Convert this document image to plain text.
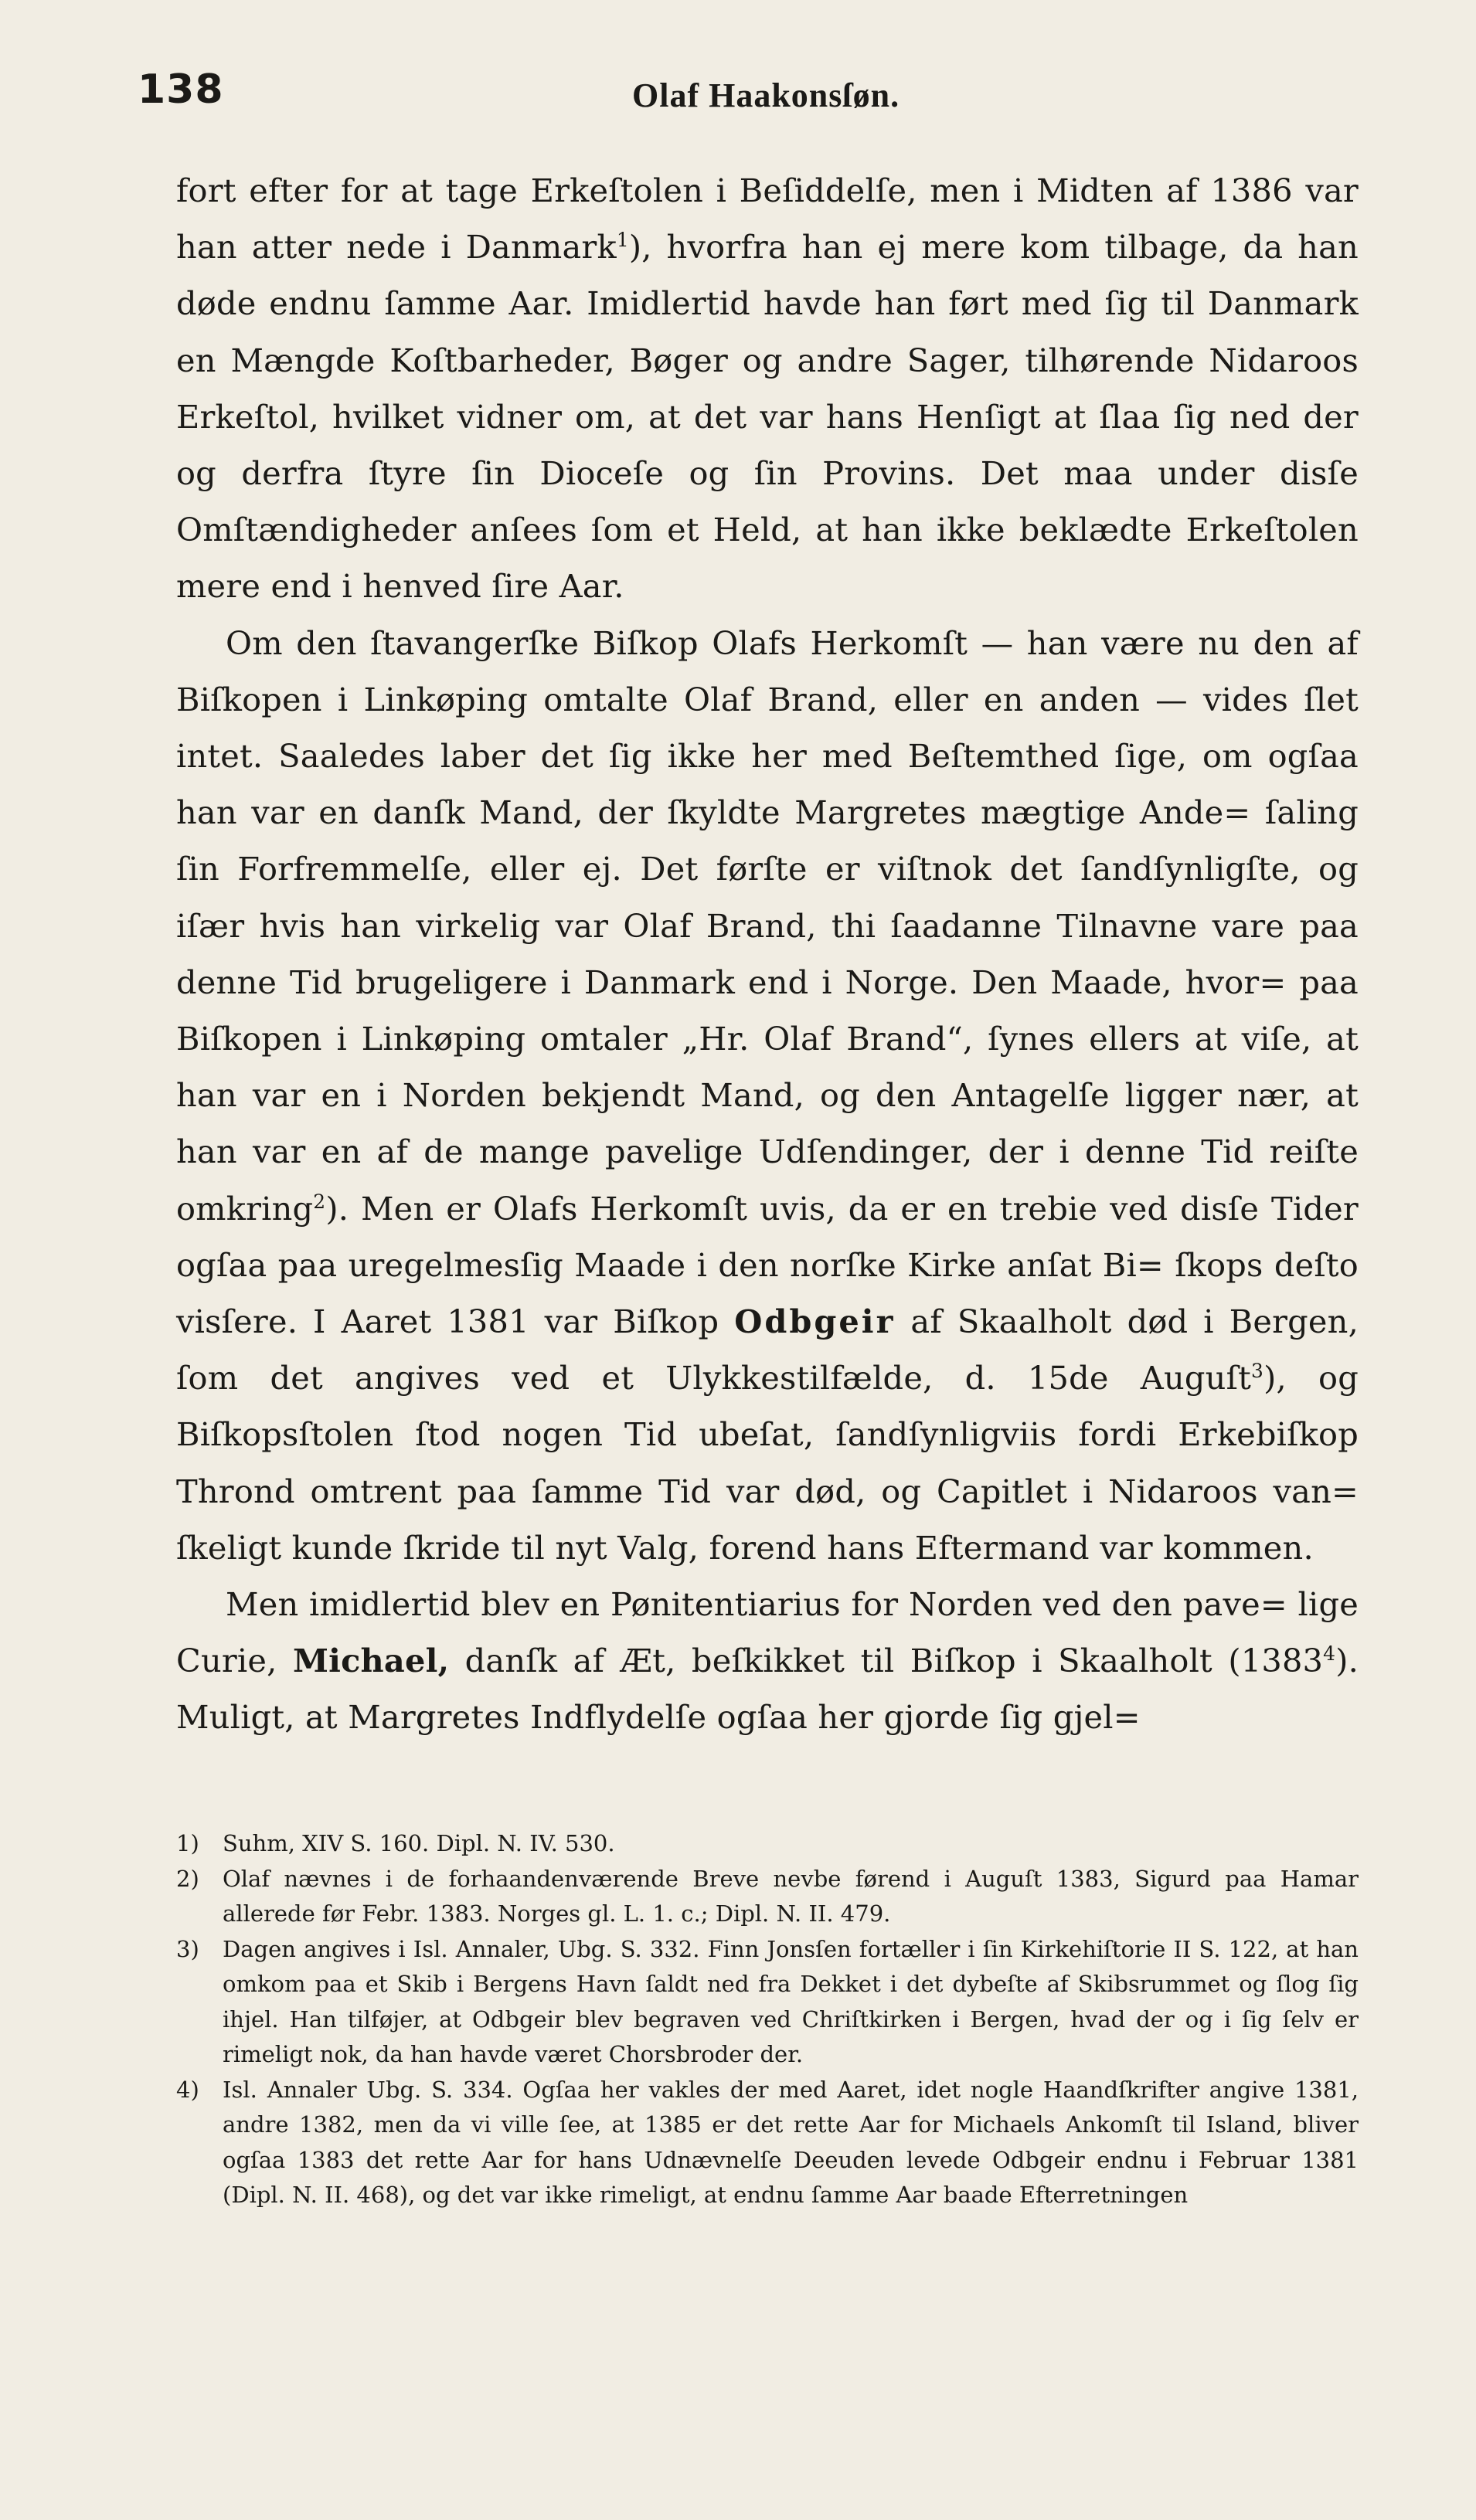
138	Olaf Haakonsſøn.

fort efter for at tage Erkeſtolen i Beſiddelſe, men i Midten af 1386 var han atter nede i Danmark$^1$), hvorfra han ej mere kom tilbage, da han døde endnu ſamme Aar. Imidlertid havde han ført med ſig til Danmark en Mængde Koſtbarheder, Bøger og andre Sager, tilhørende Nidaroos Erkeſtol, hvilket vidner om, at det var hans Henſigt at ſlaa ſig ned der og derfra ſtyre ſin Dioceſe og ſin Provins. Det maa under disſe Omſtændigheder anſees ſom et Held, at han ikke beklædte Erkeſtolen mere end i henved ſire Aar.

Om den ſtavangerſke Biſkop Olafs Herkomſt — han være nu den af Biſkopen i Linkøping omtalte Olaf Brand, eller en anden — vides ſlet intet. Saaledes laber det ſig ikke her med Beſtemthed ſige, om ogſaa han var en danſk Mand, der ſkyldte Margretes mægtige Ande= ſaling ſin Forfremmelſe, eller ej. Det førſte er viſtnok det ſandſynligſte, og iſær hvis han virkelig var Olaf Brand, thi ſaadanne Tilnavne vare paa denne Tid brugeligere i Danmark end i Norge. Den Maade, hvor= paa Biſkopen i Linkøping omtaler „Hr. Olaf Brand“, ſynes ellers at viſe, at han var en i Norden bekjendt Mand, og den Antagelſe ligger nær, at han var en af de mange pavelige Udſendinger, der i denne Tid reiſte omkring$^2$). Men er Olafs Herkomſt uvis, da er en trebie ved disſe Tider ogſaa paa uregelmesſig Maade i den norſke Kirke anſat Bi= ſkops deſto visſere. I Aaret 1381 var Biſkop Odbgeir af Skaalholt død i Bergen, ſom det angives ved et Ulykkestilfælde, d. 15de Auguſt$^3$), og Biſkopsſtolen ſtod nogen Tid ubeſat, ſandſynligviis fordi Erkebiſkop Thrond omtrent paa ſamme Tid var død, og Capitlet i Nidaroos van= ſkeligt kunde ſkride til nyt Valg, forend hans Eftermand var kommen.

Men imidlertid blev en Pønitentiarius for Norden ved den pave= lige Curie, Michael, danſk af Æt, beſkikket til Biſkop i Skaalholt (1383$^4$). Muligt, at Margretes Indflydelſe ogſaa her gjorde ſig gjel=

1) Suhm, XIV S. 160. Dipl. N. IV. 530.

2) Olaf nævnes i de forhaandenværende Breve nevbe førend i Auguſt 1383, Sigurd paa Hamar allerede før Febr. 1383. Norges gl. L. 1. c.; Dipl. N. II. 479.

3) Dagen angives i Isl. Annaler, Ubg. S. 332. Finn Jonsſen fortæller i ſin Kirkehiſtorie II S. 122, at han omkom paa et Skib i Bergens Havn ſaldt ned fra Dekket i det dybeſte af Skibsrummet og ſlog ſig ihjel. Han tilføjer, at Odbgeir blev begraven ved Chriſtkirken i Bergen, hvad der og i ſig ſelv er rimeligt nok, da han havde været Chorsbroder der.

4) Isl. Annaler Ubg. S. 334. Ogſaa her vakles der med Aaret, idet nogle Haandſkrifter angive 1381, andre 1382, men da vi ville ſee, at 1385 er det rette Aar for Michaels Ankomſt til Island, bliver ogſaa 1383 det rette Aar for hans Udnævnelſe Deeuden levede Odbgeir endnu i Februar 1381 (Dipl. N. II. 468), og det var ikke rimeligt, at endnu ſamme Aar baade Efterretningen
